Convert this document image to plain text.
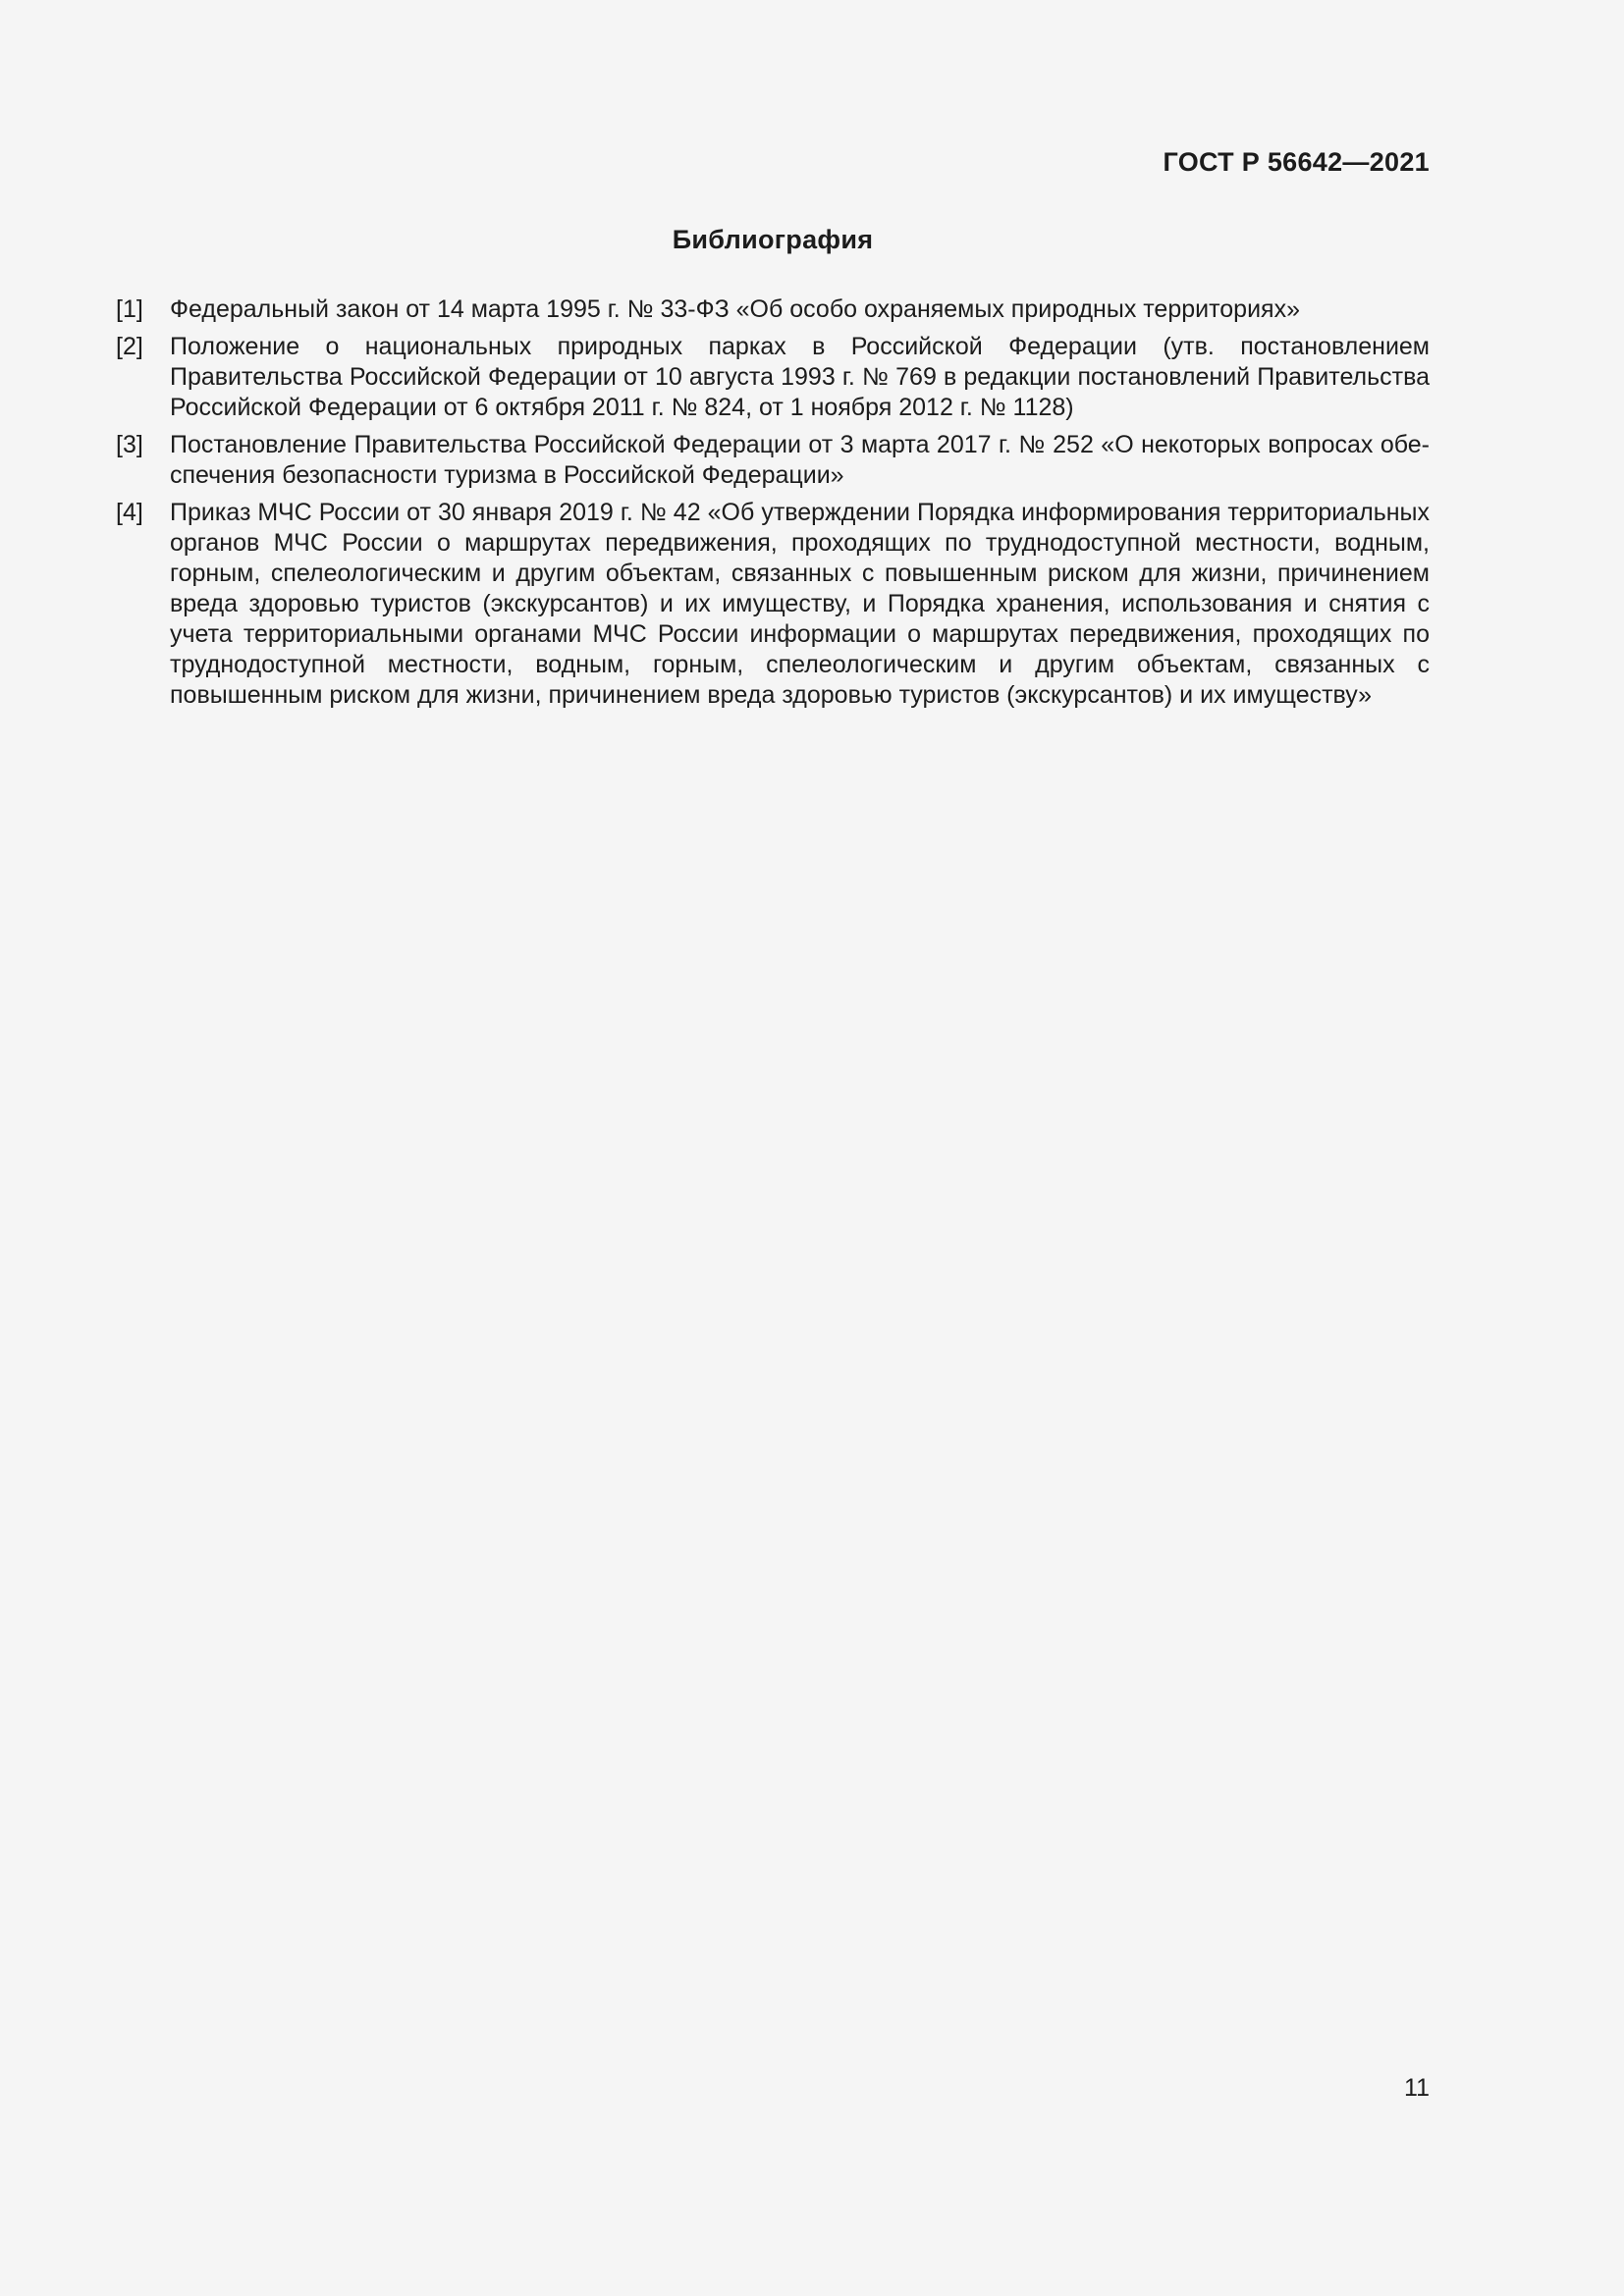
ГОСТ Р 56642—2021
Библиография
[1] Федеральный закон от 14 марта 1995 г. № 33-ФЗ «Об особо охраняемых природных территориях»
[2] Положение о национальных природных парках в Российской Федерации (утв. постановлением Правительства Российской Федерации от 10 августа 1993 г. № 769 в редакции постановлений Правительства Российской Федерации от 6 октября 2011 г. № 824, от 1 ноября 2012 г. № 1128)
[3] Постановление Правительства Российской Федерации от 3 марта 2017 г. № 252 «О некоторых вопросах обеспечения безопасности туризма в Российской Федерации»
[4] Приказ МЧС России от 30 января 2019 г. № 42 «Об утверждении Порядка информирования территориальных органов МЧС России о маршрутах передвижения, проходящих по труднодоступной местности, водным, горным, спелеологическим и другим объектам, связанных с повышенным риском для жизни, причинением вреда здоровью туристов (экскурсантов) и их имуществу, и Порядка хранения, использования и снятия с учета территориальными органами МЧС России информации о маршрутах передвижения, проходящих по труднодоступной местности, водным, горным, спелеологическим и другим объектам, связанных с повышенным риском для жизни, причинением вреда здоровью туристов (экскурсантов) и их имуществу»
11
